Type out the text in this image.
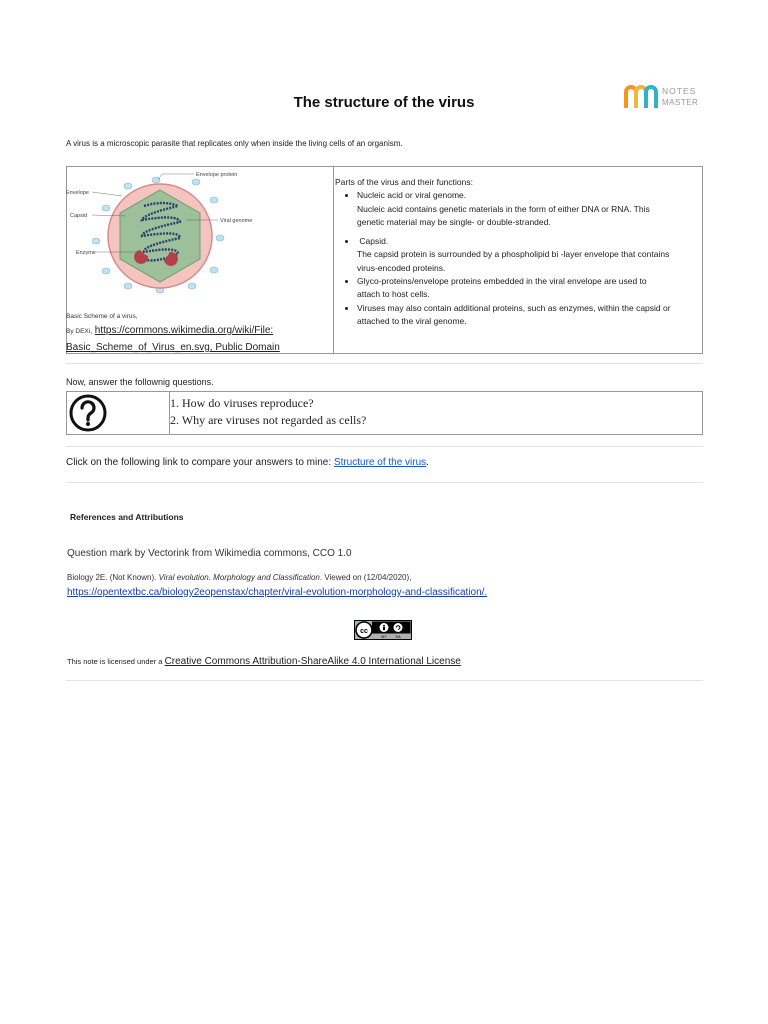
The structure of the virus
NOTES
MASTER
A virus is a microscopic parasite that replicates only when inside the living cells of an organism.
Envelope protein
Envelope
Capsid
Viral genome
Enzyme
Basic Scheme of a virus,
By DEXi, https://commons.wikimedia.org/wiki/File:
Basic_Scheme_of_Virus_en.svg, Public Domain
Parts of the virus and their functions:
• Nucleic acid or viral genome.
Nucleic acid contains genetic materials in the form of either DNA or RNA. This
genetic material may be single- or double-stranded.
• Capsid.
The capsid protein is surrounded by a phospholipid bi -layer envelope that contains
virus-encoded proteins.
• Glyco-proteins/envelope proteins embedded in the viral envelope are used to
attach to host cells.
• Viruses may also contain additional proteins, such as enzymes, within the capsid or
attached to the viral genome.
Now, answer the follownig questions.
1. How do viruses reproduce?
2. Why are viruses not regarded as cells?
Click on the following link to compare your answers to mine: Structure of the virus.
References and Attributions
Question mark by Vectorink from Wikimedia commons, CCO 1.0
Biology 2E. (Not Known). Viral evolution. Morphology and Classification. Viewed on (12/04/2020),
https://opentextbc.ca/biology2eopenstax/chapter/viral-evolution-morphology-and-classification/.
cc
BY SA
This note is licensed under a Creative Commons Attribution-ShareAlike 4.0 International License
